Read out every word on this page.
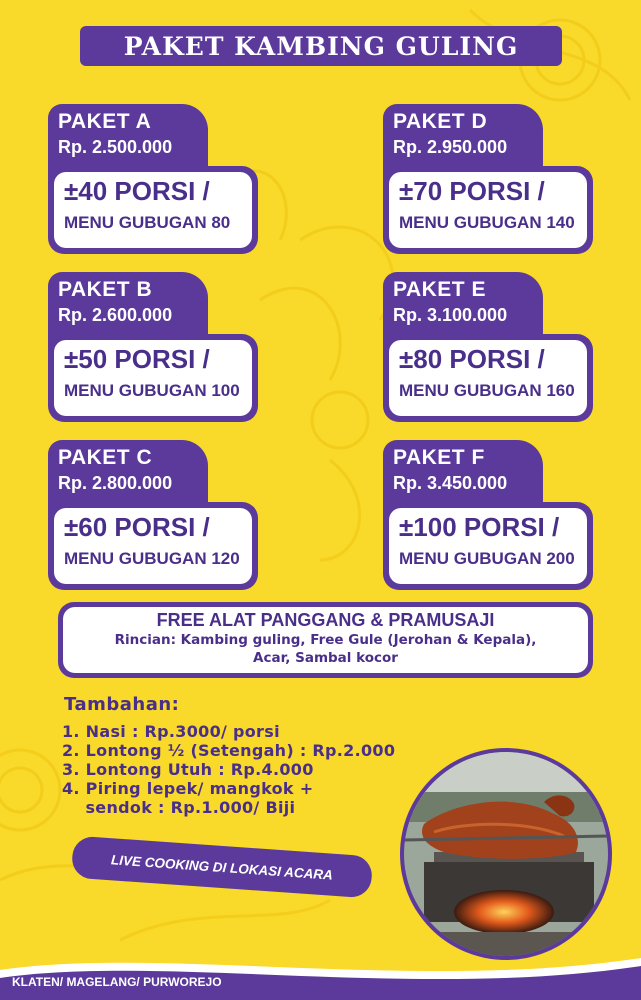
PAKET KAMBING GULING
PAKET A
Rp. 2.500.000
±40 PORSI /
MENU GUBUGAN 80
PAKET D
Rp. 2.950.000
±70 PORSI /
MENU GUBUGAN 140
PAKET B
Rp. 2.600.000
±50 PORSI /
MENU GUBUGAN 100
PAKET E
Rp. 3.100.000
±80 PORSI /
MENU GUBUGAN 160
PAKET C
Rp. 2.800.000
±60 PORSI /
MENU GUBUGAN 120
PAKET F
Rp. 3.450.000
±100 PORSI /
MENU GUBUGAN 200
FREE ALAT PANGGANG & PRAMUSAJI
Rincian: Kambing guling, Free Gule (Jerohan & Kepala),
Acar, Sambal kocor
Tambahan:
1. Nasi : Rp.3000/ porsi
2. Lontong ½ (Setengah) : Rp.2.000
3. Lontong Utuh : Rp.4.000
4. Piring lepek/ mangkok +
sendok : Rp.1.000/ Biji
LIVE COOKING DI LOKASI ACARA
KLATEN/ MAGELANG/ PURWOREJO
